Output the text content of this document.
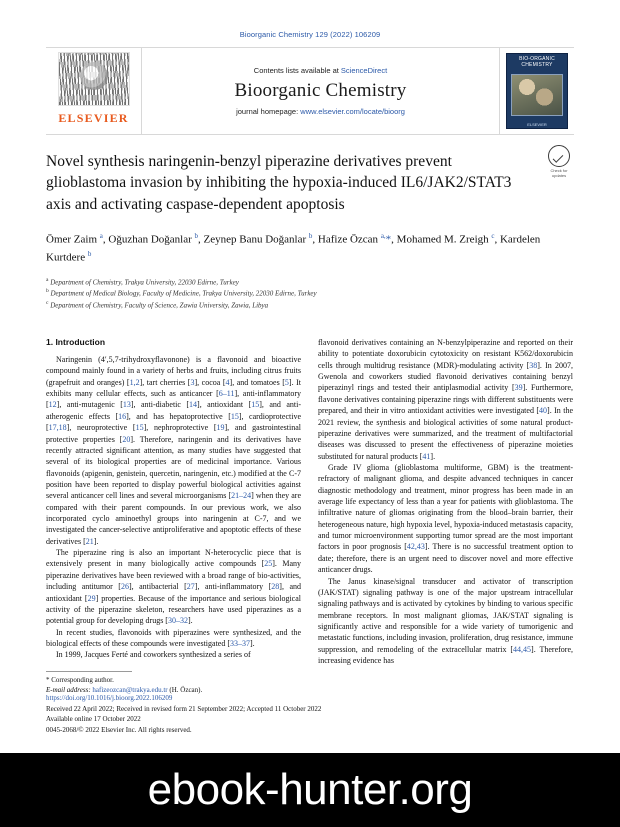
Bioorganic Chemistry 129 (2022) 106209
ELSEVIER
Contents lists available at ScienceDirect
Bioorganic Chemistry
journal homepage: www.elsevier.com/locate/bioorg
BIO-ORGANIC CHEMISTRY
ELSEVIER
Check for updates
Novel synthesis naringenin-benzyl piperazine derivatives prevent glioblastoma invasion by inhibiting the hypoxia-induced IL6/JAK2/STAT3 axis and activating caspase-dependent apoptosis
Ömer Zaim $^a$, Oğuzhan Doğanlar $^b$, Zeynep Banu Doğanlar $^b$, Hafize Özcan $^{a,}$*, Mohamed M. Zreigh $^c$, Kardelen Kurtdere $^b$
$^a$ Department of Chemistry, Trakya University, 22030 Edirne, Turkey
$^b$ Department of Medical Biology, Faculty of Medicine, Trakya University, 22030 Edirne, Turkey
$^c$ Department of Chemistry, Faculty of Science, Zawia University, Zawia, Libya
1. Introduction

Naringenin (4′,5,7-trihydroxyflavonone) is a flavonoid and bioactive compound mainly found in a variety of herbs and fruits, including citrus fruits (grapefruit and oranges) [1,2], tart cherries [3], cocoa [4], and tomatoes [5]. It exhibits many cellular effects, such as anticancer [6–11], anti-inflammatory [12], anti-mutagenic [13], anti-diabetic [14], antioxidant [15], and anti-atherogenic effects [16], and has hepatoprotective [15], cardioprotective [17,18], neuroprotective [15], nephroprotective [19], and gastrointestinal protective properties [20]. Therefore, naringenin and its derivatives have recently attracted significant attention, as many studies have suggested that several of its biological properties are of medicinal importance. Various flavonoids (apigenin, genistein, quercetin, naringenin, etc.) modified at the C-7 position have been reported to display powerful biological activities against several anticancer cell lines and several microorganisms [21–24] when they are compared with their parent compounds. In our previous work, we also incorporated cyclo aminoethyl groups into naringenin at C-7, and we investigated the cancer-selective antiproliferative and apoptotic effects of these derivatives [21].

The piperazine ring is also an important N-heterocyclic piece that is extensively present in many biologically active compounds [25]. Many piperazine derivatives have been reviewed with a broad range of bio-activities, including antitumor [26], antibacterial [27], anti-inflammatory [28], and antioxidant [29] properties. Because of the importance and serious biological activity of the piperazine skeleton, researchers have used piperazines as a potential group for developing drugs [30–32].

In recent studies, flavonoids with piperazines were synthesized, and the biological effects of these compounds were investigated [33–37].

In 1999, Jacques Ferté and coworkers synthesized a series of

flavonoid derivatives containing an N-benzylpiperazine and reported on their ability to potentiate doxorubicin cytotoxicity on resistant K562/doxorubicin cells through multidrug resistance (MDR)-modulating activity [38]. In 2007, Gwenola and coworkers studied flavonoid derivatives containing benzyl piperazinyl rings and tested their antiplasmodial activity [39]. Furthermore, flavone derivatives containing piperazine rings with different substituents were prepared, and their in vitro antioxidant activities were investigated [40]. In the 2021 review, the synthesis and biological activities of some natural product-piperazine derivatives were summarized, and the treatment of multifactorial diseases was discussed to present the effectiveness of piperazine moieties substituted for natural products [41].

Grade IV glioma (glioblastoma multiforme, GBM) is the treatment-refractory of malignant glioma, and despite advanced techniques in cancer diagnostic methodology and treatment, minor progress has been made in an average life expectancy of less than a year for patients with glioblastoma. The infiltrative nature of gliomas originating from the blood–brain barrier, their heterogeneous nature, high hypoxia level, hypoxia-induced metastasis capacity, and tumor microenvironment supporting tumor spread are the most important factors in poor prognosis [42,43]. There is no successful treatment option to date; therefore, there is an urgent need to discover novel and more effective anticancer drugs.

The Janus kinase/signal transducer and activator of transcription (JAK/STAT) signaling pathway is one of the major upstream intracellular signaling pathways and is activated by cytokines by binding to various specific membrane receptors. In most malignant gliomas, JAK/STAT signaling is significantly active and responsible for a wide variety of tumorigenic and metastatic functions, including invasion, proliferation, drug resistance, immune suppression, and remodeling of the extracellular matrix [44,45]. Therefore, increasing evidence has

* Corresponding author.
E-mail address: hafizeozcan@trakya.edu.tr (H. Özcan).
https://doi.org/10.1016/j.bioorg.2022.106209
Received 22 April 2022; Received in revised form 21 September 2022; Accepted 11 October 2022
Available online 17 October 2022
0045-2068/© 2022 Elsevier Inc. All rights reserved.
ebook-hunter.org
